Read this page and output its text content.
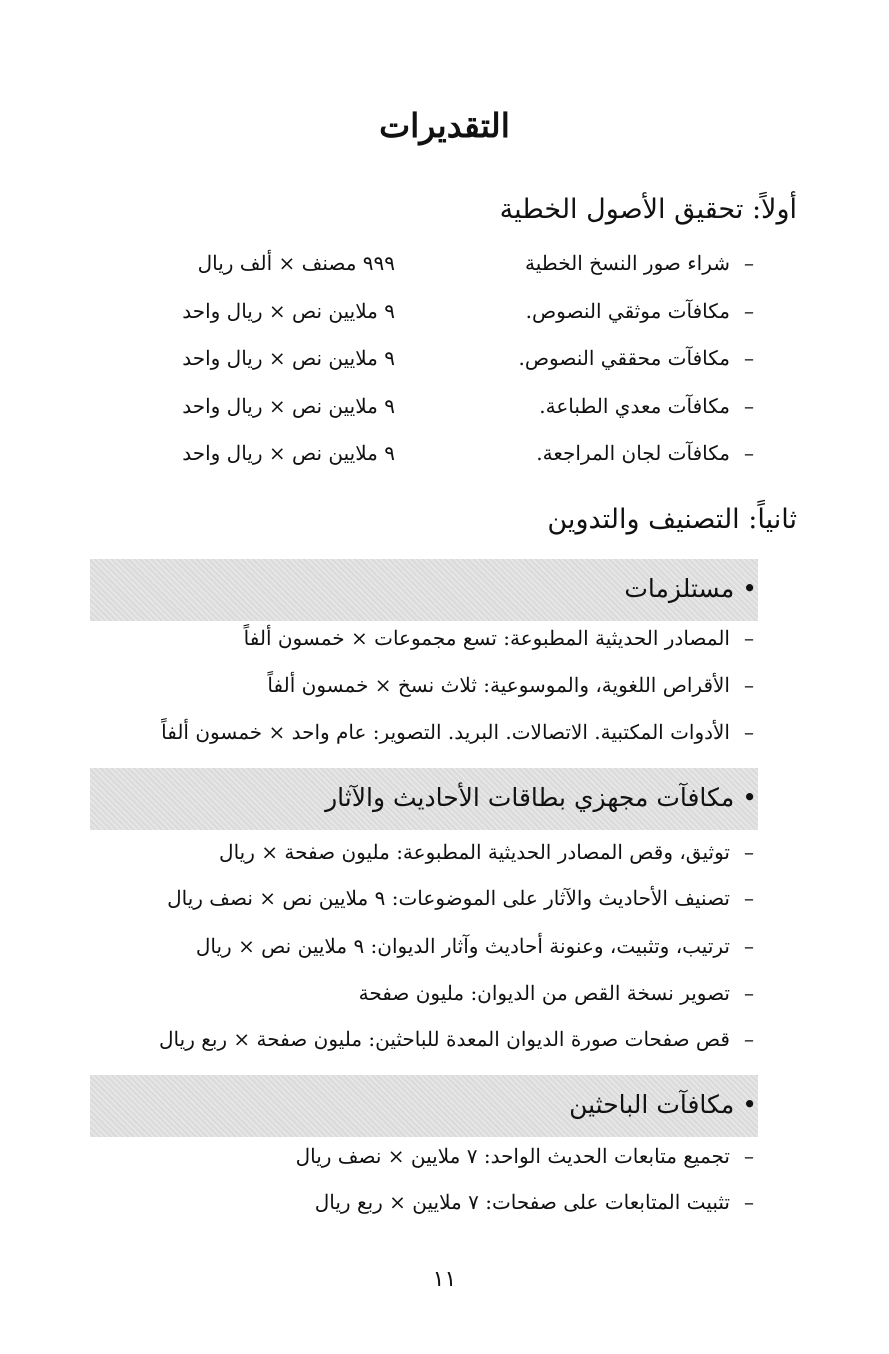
التقديرات
أولاً: تحقيق الأصول الخطية
–شراء صور النسخ الخطية
٩٩٩ مصنف × ألف ريال
–مكافآت موثقي النصوص.
٩ ملايين نص × ريال واحد
–مكافآت محققي النصوص.
٩ ملايين نص × ريال واحد
–مكافآت معدي الطباعة.
٩ ملايين نص × ريال واحد
–مكافآت لجان المراجعة.
٩ ملايين نص × ريال واحد
ثانياً: التصنيف والتدوين
•مستلزمات
–المصادر الحديثية المطبوعة: تسع مجموعات × خمسون ألفاً
–الأقراص اللغوية، والموسوعية: ثلاث نسخ × خمسون ألفاً
–الأدوات المكتبية. الاتصالات. البريد. التصوير: عام واحد × خمسون ألفاً
•مكافآت مجهزي بطاقات الأحاديث والآثار
–توثيق، وقص المصادر الحديثية المطبوعة: مليون صفحة × ريال
–تصنيف الأحاديث والآثار على الموضوعات: ٩ ملايين نص × نصف ريال
–ترتيب، وتثبيت، وعنونة أحاديث وآثار الديوان: ٩ ملايين نص × ريال
–تصوير نسخة القص من الديوان: مليون صفحة
–قص صفحات صورة الديوان المعدة للباحثين: مليون صفحة × ربع ريال
•مكافآت الباحثين
–تجميع متابعات الحديث الواحد: ٧ ملايين × نصف ريال
–تثبيت المتابعات على صفحات: ٧ ملايين × ربع ريال
١١
